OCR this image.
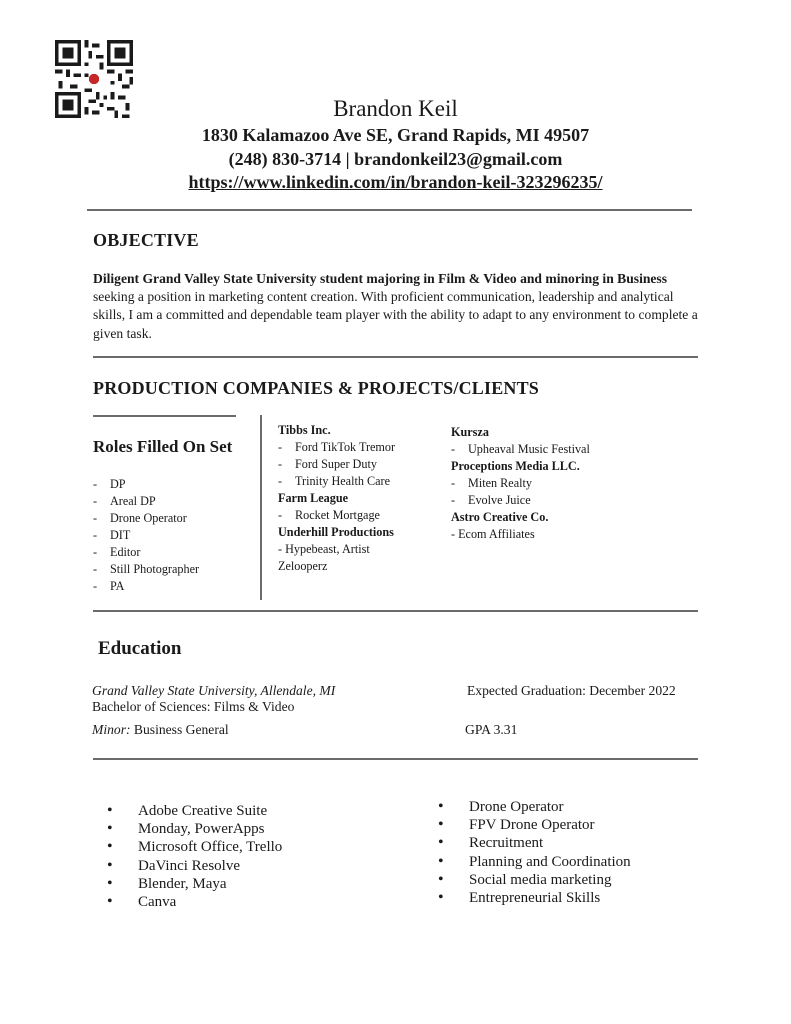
Brandon Keil
1830 Kalamazoo Ave SE, Grand Rapids, MI 49507
(248) 830-3714 | brandonkeil23@gmail.com
https://www.linkedin.com/in/brandon-keil-323296235/
OBJECTIVE
Diligent Grand Valley State University student majoring in Film & Video and minoring in Business seeking a position in marketing content creation. With proficient communication, leadership and analytical skills, I am a committed and dependable team player with the ability to adapt to any environment to complete a given task.
PRODUCTION COMPANIES & PROJECTS/CLIENTS
Roles Filled On Set
- DP
- Areal DP
- Drone Operator
- DIT
- Editor
- Still Photographer
- PA
Tibbs Inc.
- Ford TikTok Tremor
- Ford Super Duty
- Trinity Health Care
Farm League
- Rocket Mortgage
Underhill Productions
- Hypebeast, Artist
Zelooperz
Kursza
- Upheaval Music Festival
Proceptions Media LLC.
- Miten Realty
- Evolve Juice
Astro Creative Co.
- Ecom Affiliates
Education
Grand Valley State University, Allendale, MI	Expected Graduation: December 2022
Bachelor of Sciences: Films & Video
Minor: Business General	GPA 3.31
• Adobe Creative Suite
• Monday, PowerApps
• Microsoft Office, Trello
• DaVinci Resolve
• Blender, Maya
• Canva
• Drone Operator
• FPV Drone Operator
• Recruitment
• Planning and Coordination
• Social media marketing
• Entrepreneurial Skills
